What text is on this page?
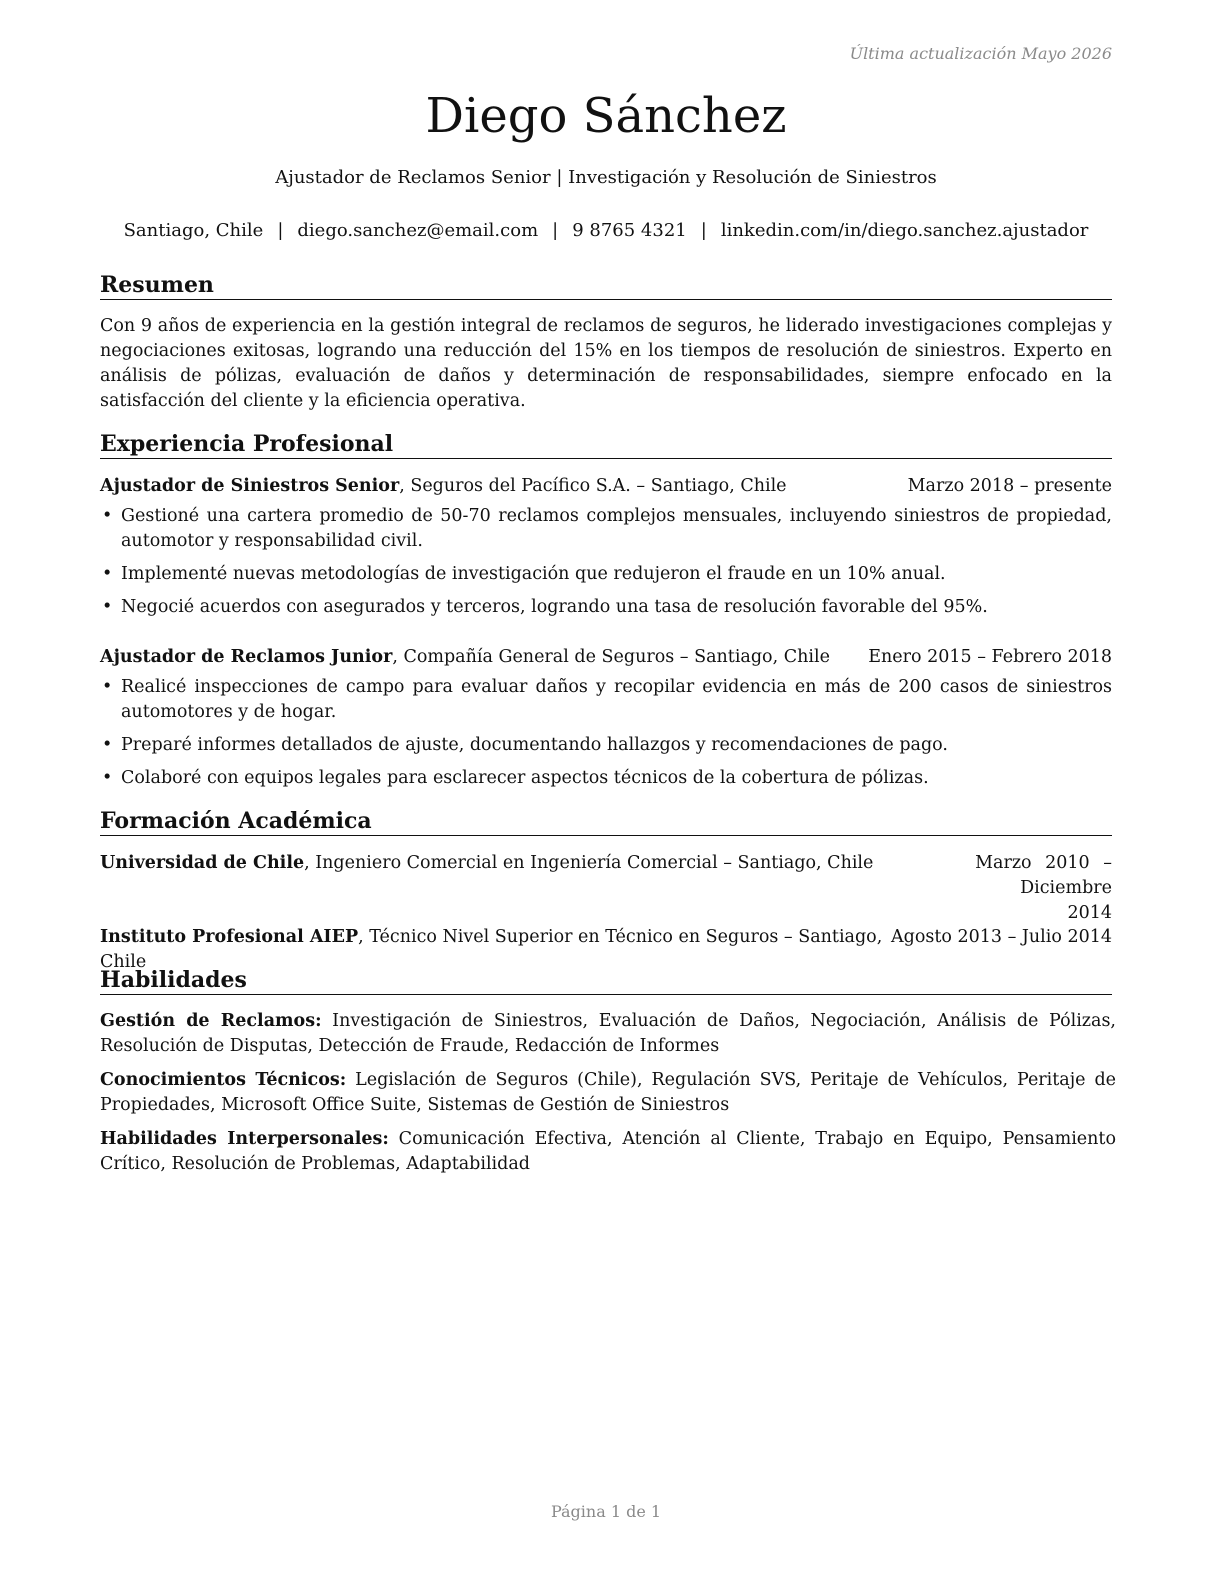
Última actualización Mayo 2026
Diego Sánchez
Ajustador de Reclamos Senior | Investigación y Resolución de Siniestros
Santiago, Chile | diego.sanchez@email.com | 9 8765 4321 | linkedin.com/in/diego.sanchez.ajustador
Resumen
Con 9 años de experiencia en la gestión integral de reclamos de seguros, he liderado investigaciones complejas y negociaciones exitosas, logrando una reducción del 15% en los tiempos de resolución de siniestros. Experto en análisis de pólizas, evaluación de daños y determinación de responsabilidades, siempre enfocado en la satisfacción del cliente y la eficiencia operativa.
Experiencia Profesional
Ajustador de Siniestros Senior, Seguros del Pacífico S.A. – Santiago, Chile	Marzo 2018 – presente
• Gestioné una cartera promedio de 50-70 reclamos complejos mensuales, incluyendo siniestros de propiedad, automotor y responsabilidad civil.
• Implementé nuevas metodologías de investigación que redujeron el fraude en un 10% anual.
• Negocié acuerdos con asegurados y terceros, logrando una tasa de resolución favorable del 95%.
Ajustador de Reclamos Junior, Compañía General de Seguros – Santiago, Chile Enero 2015 – Febrero 2018
• Realicé inspecciones de campo para evaluar daños y recopilar evidencia en más de 200 casos de siniestros automotores y de hogar.
• Preparé informes detallados de ajuste, documentando hallazgos y recomendaciones de pago.
• Colaboré con equipos legales para esclarecer aspectos técnicos de la cobertura de pólizas.
Formación Académica
Universidad de Chile, Ingeniero Comercial en Ingeniería Comercial – Santiago, Chile	Marzo 2010 – Diciembre
2014
Instituto Profesional AIEP, Técnico Nivel Superior en Técnico en Seguros – Santiago, Chile
Agosto 2013 – Julio 2014
Habilidades
Gestión de Reclamos: Investigación de Siniestros, Evaluación de Daños, Negociación, Análisis de Pólizas, Resolución de Disputas, Detección de Fraude, Redacción de Informes
Conocimientos Técnicos: Legislación de Seguros (Chile), Regulación SVS, Peritaje de Vehículos, Peritaje de Propiedades, Microsoft Office Suite, Sistemas de Gestión de Siniestros
Habilidades Interpersonales: Comunicación Efectiva, Atención al Cliente, Trabajo en Equipo, Pensamiento Crítico, Resolución de Problemas, Adaptabilidad
Página 1 de 1
